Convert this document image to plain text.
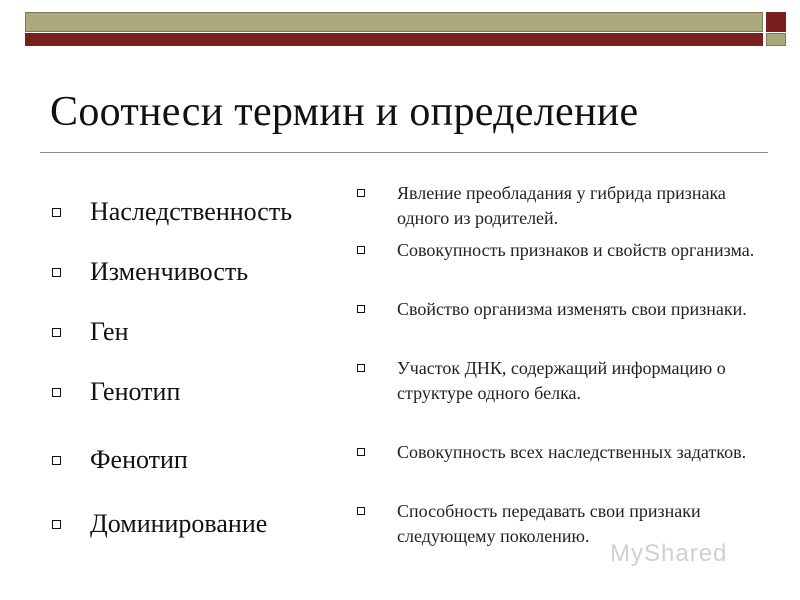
Соотнеси термин и определение
Наследственность
Изменчивость
Ген
Генотип
Фенотип
Доминирование
Явление преобладания у гибрида признака одного из родителей.
Совокупность признаков и свойств организма.
Свойство организма изменять свои признаки.
Участок ДНК, содержащий информацию о структуре одного белка.
Совокупность всех наследственных задатков.
Способность передавать свои признаки следующему поколению.
MyShared
